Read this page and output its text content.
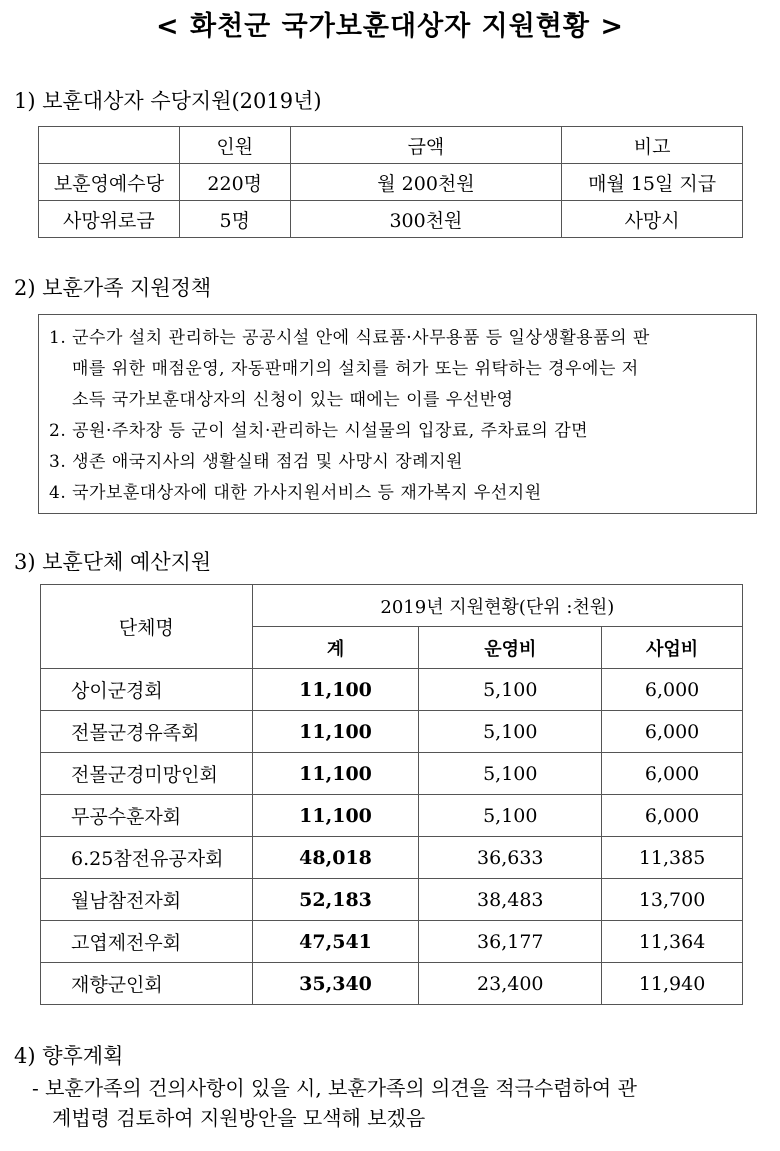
< 화천군 국가보훈대상자 지원현황 >
1) 보훈대상자 수당지원(2019년)
	인원	금액	비고
보훈영예수당	220명	월 200천원	매월 15일 지급
사망위로금	5명	300천원	사망시
2) 보훈가족 지원정책
1. 군수가 설치 관리하는 공공시설 안에 식료품·사무용품 등 일상생활용품의 판
매를 위한 매점운영, 자동판매기의 설치를 허가 또는 위탁하는 경우에는 저
소득 국가보훈대상자의 신청이 있는 때에는 이를 우선반영
2. 공원·주차장 등 군이 설치·관리하는 시설물의 입장료, 주차료의 감면
3. 생존 애국지사의 생활실태 점검 및 사망시 장례지원
4. 국가보훈대상자에 대한 가사지원서비스 등 재가복지 우선지원
3) 보훈단체 예산지원
단체명	2019년 지원현황(단위 :천원)		
	계	운영비	사업비
상이군경회	11,100	5,100	6,000
전몰군경유족회	11,100	5,100	6,000
전몰군경미망인회	11,100	5,100	6,000
무공수훈자회	11,100	5,100	6,000
6.25참전유공자회	48,018	36,633	11,385
월남참전자회	52,183	38,483	13,700
고엽제전우회	47,541	36,177	11,364
재향군인회	35,340	23,400	11,940
4) 향후계획
- 보훈가족의 건의사항이 있을 시, 보훈가족의 의견을 적극수렴하여 관
계법령 검토하여 지원방안을 모색해 보겠음
